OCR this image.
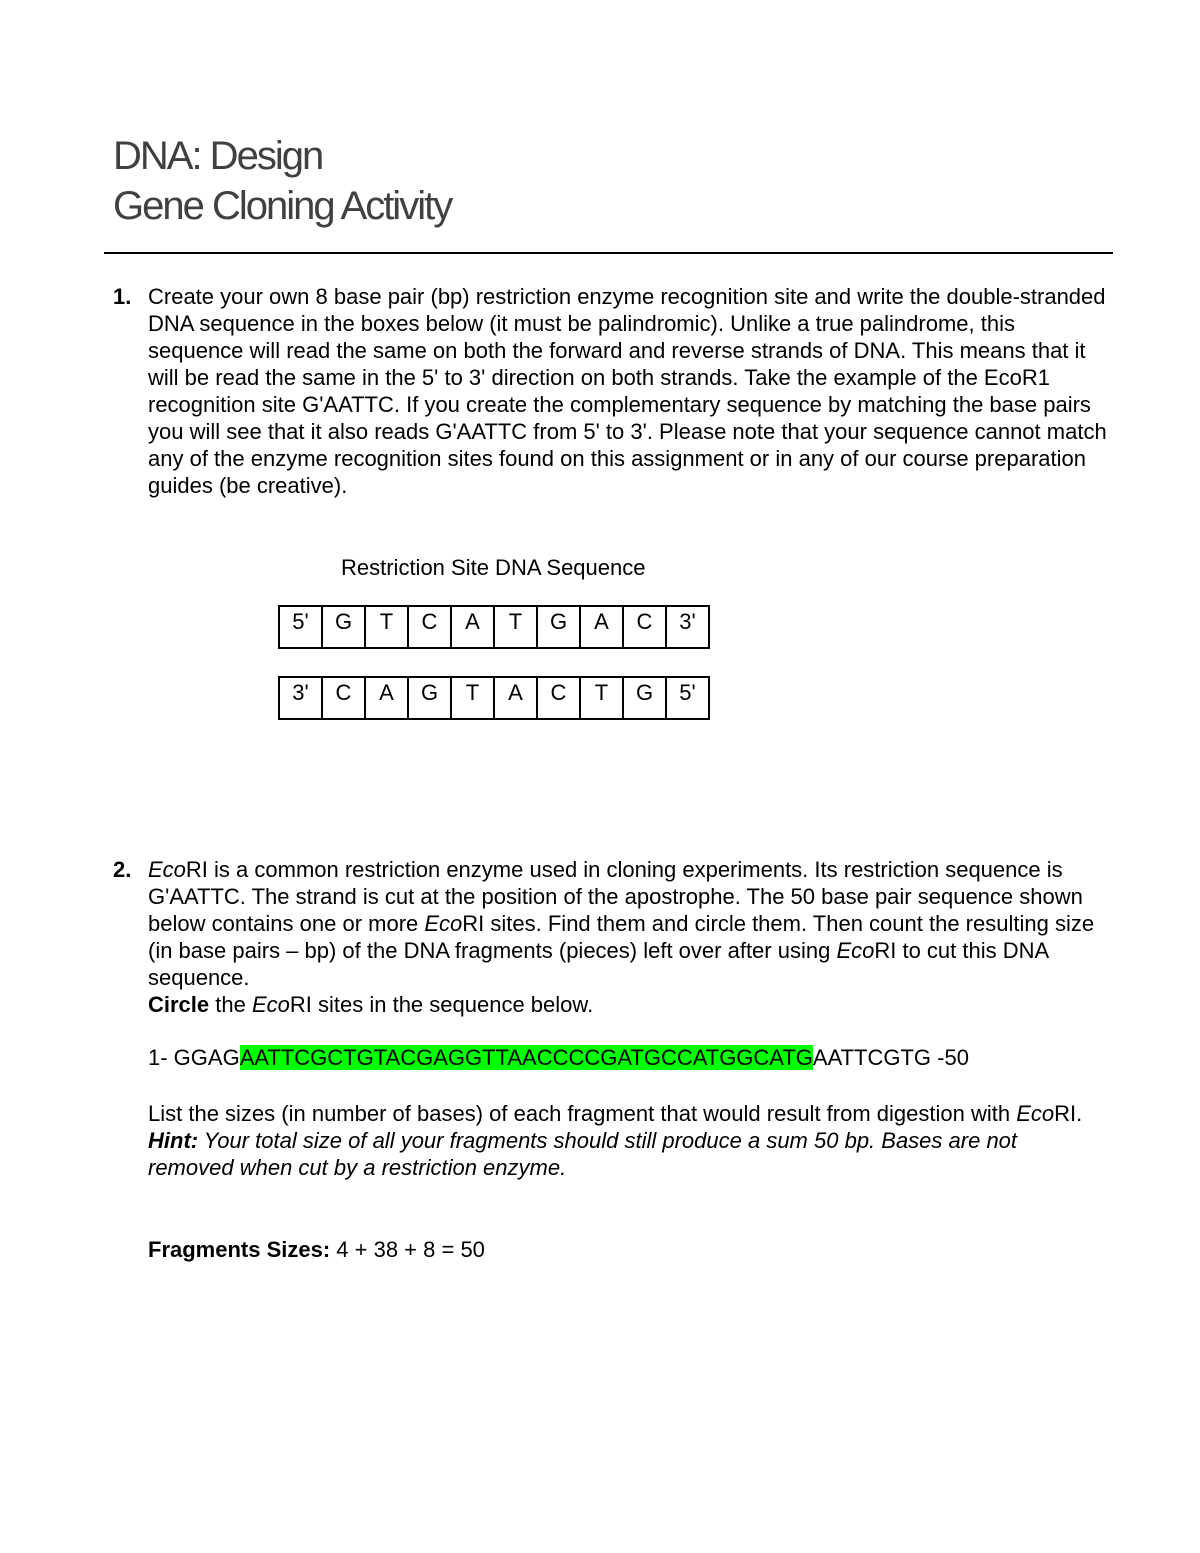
DNA: Design
Gene Cloning Activity
1. Create your own 8 base pair (bp) restriction enzyme recognition site and write the double-stranded DNA sequence in the boxes below (it must be palindromic). Unlike a true palindrome, this sequence will read the same on both the forward and reverse strands of DNA. This means that it will be read the same in the 5' to 3' direction on both strands. Take the example of the EcoR1 recognition site G'AATTC. If you create the complementary sequence by matching the base pairs you will see that it also reads G'AATTC from 5' to 3'. Please note that your sequence cannot match any of the enzyme recognition sites found on this assignment or in any of our course preparation guides (be creative).

Restriction Site DNA Sequence

5'	G	T	C	A	T	G	A	C	3'
3'	C	A	G	T	A	C	T	G	5'
2. EcoRI is a common restriction enzyme used in cloning experiments. Its restriction sequence is G'AATTC. The strand is cut at the position of the apostrophe. The 50 base pair sequence shown below contains one or more EcoRI sites. Find them and circle them. Then count the resulting size (in base pairs – bp) of the DNA fragments (pieces) left over after using EcoRI to cut this DNA sequence.
Circle the EcoRI sites in the sequence below.

1- GGAGAATTCGCTGTACGAGGTTAACCCCGATGCCATGGCATGAATTCGTG -50

List the sizes (in number of bases) of each fragment that would result from digestion with EcoRI.
Hint: Your total size of all your fragments should still produce a sum 50 bp. Bases are not removed when cut by a restriction enzyme.

Fragments Sizes: 4 + 38 + 8 = 50
